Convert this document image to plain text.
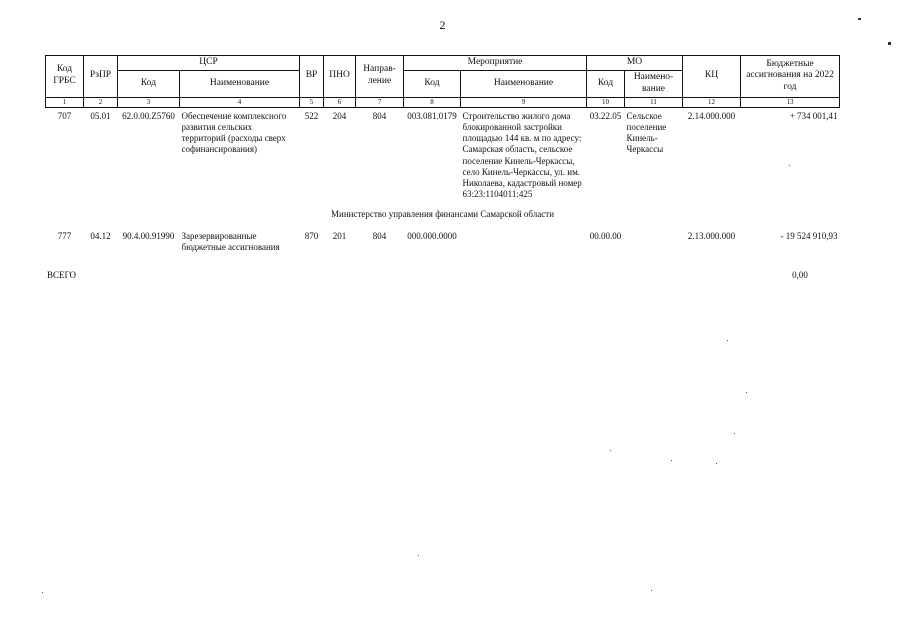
2
Код ГРБС	РзПР	ЦСР		ВР	ПНО	Направ-ление	Мероприятие		МО		КЦ	Бюджетные ассигнования на 2022 год
		Код	Наименование				Код	Наименование	Код	Наимено-вание		
1	2	3	4	5	6	7	8	9	10	11	12	13
707	05.01	62.0.00.Z5760	Обеспечение комплексного развития сельских территорий (расходы сверх софинансирования)	522	204	804	003.081.0179	Строительство жилого дома блокированной застройки площадью 144 кв. м по адресу: Самарская область, сельское поселение Кинель-Черкассы, село Кинель-Черкассы, ул. им. Николаева, кадастровый номер 63:23:1104011:425	03.22.05	Сельское поселение Кинель-Черкассы	2.14.000.000	+ 734 001,41
Министерство управления финансами Самарской области												
777	04.12	90.4.00.91990	Зарезервированные бюджетные ассигнования	870	201	804	000.000.0000		00.00.00		2.13.000.000	- 19 524 910,93
ВСЕГО	0,00
